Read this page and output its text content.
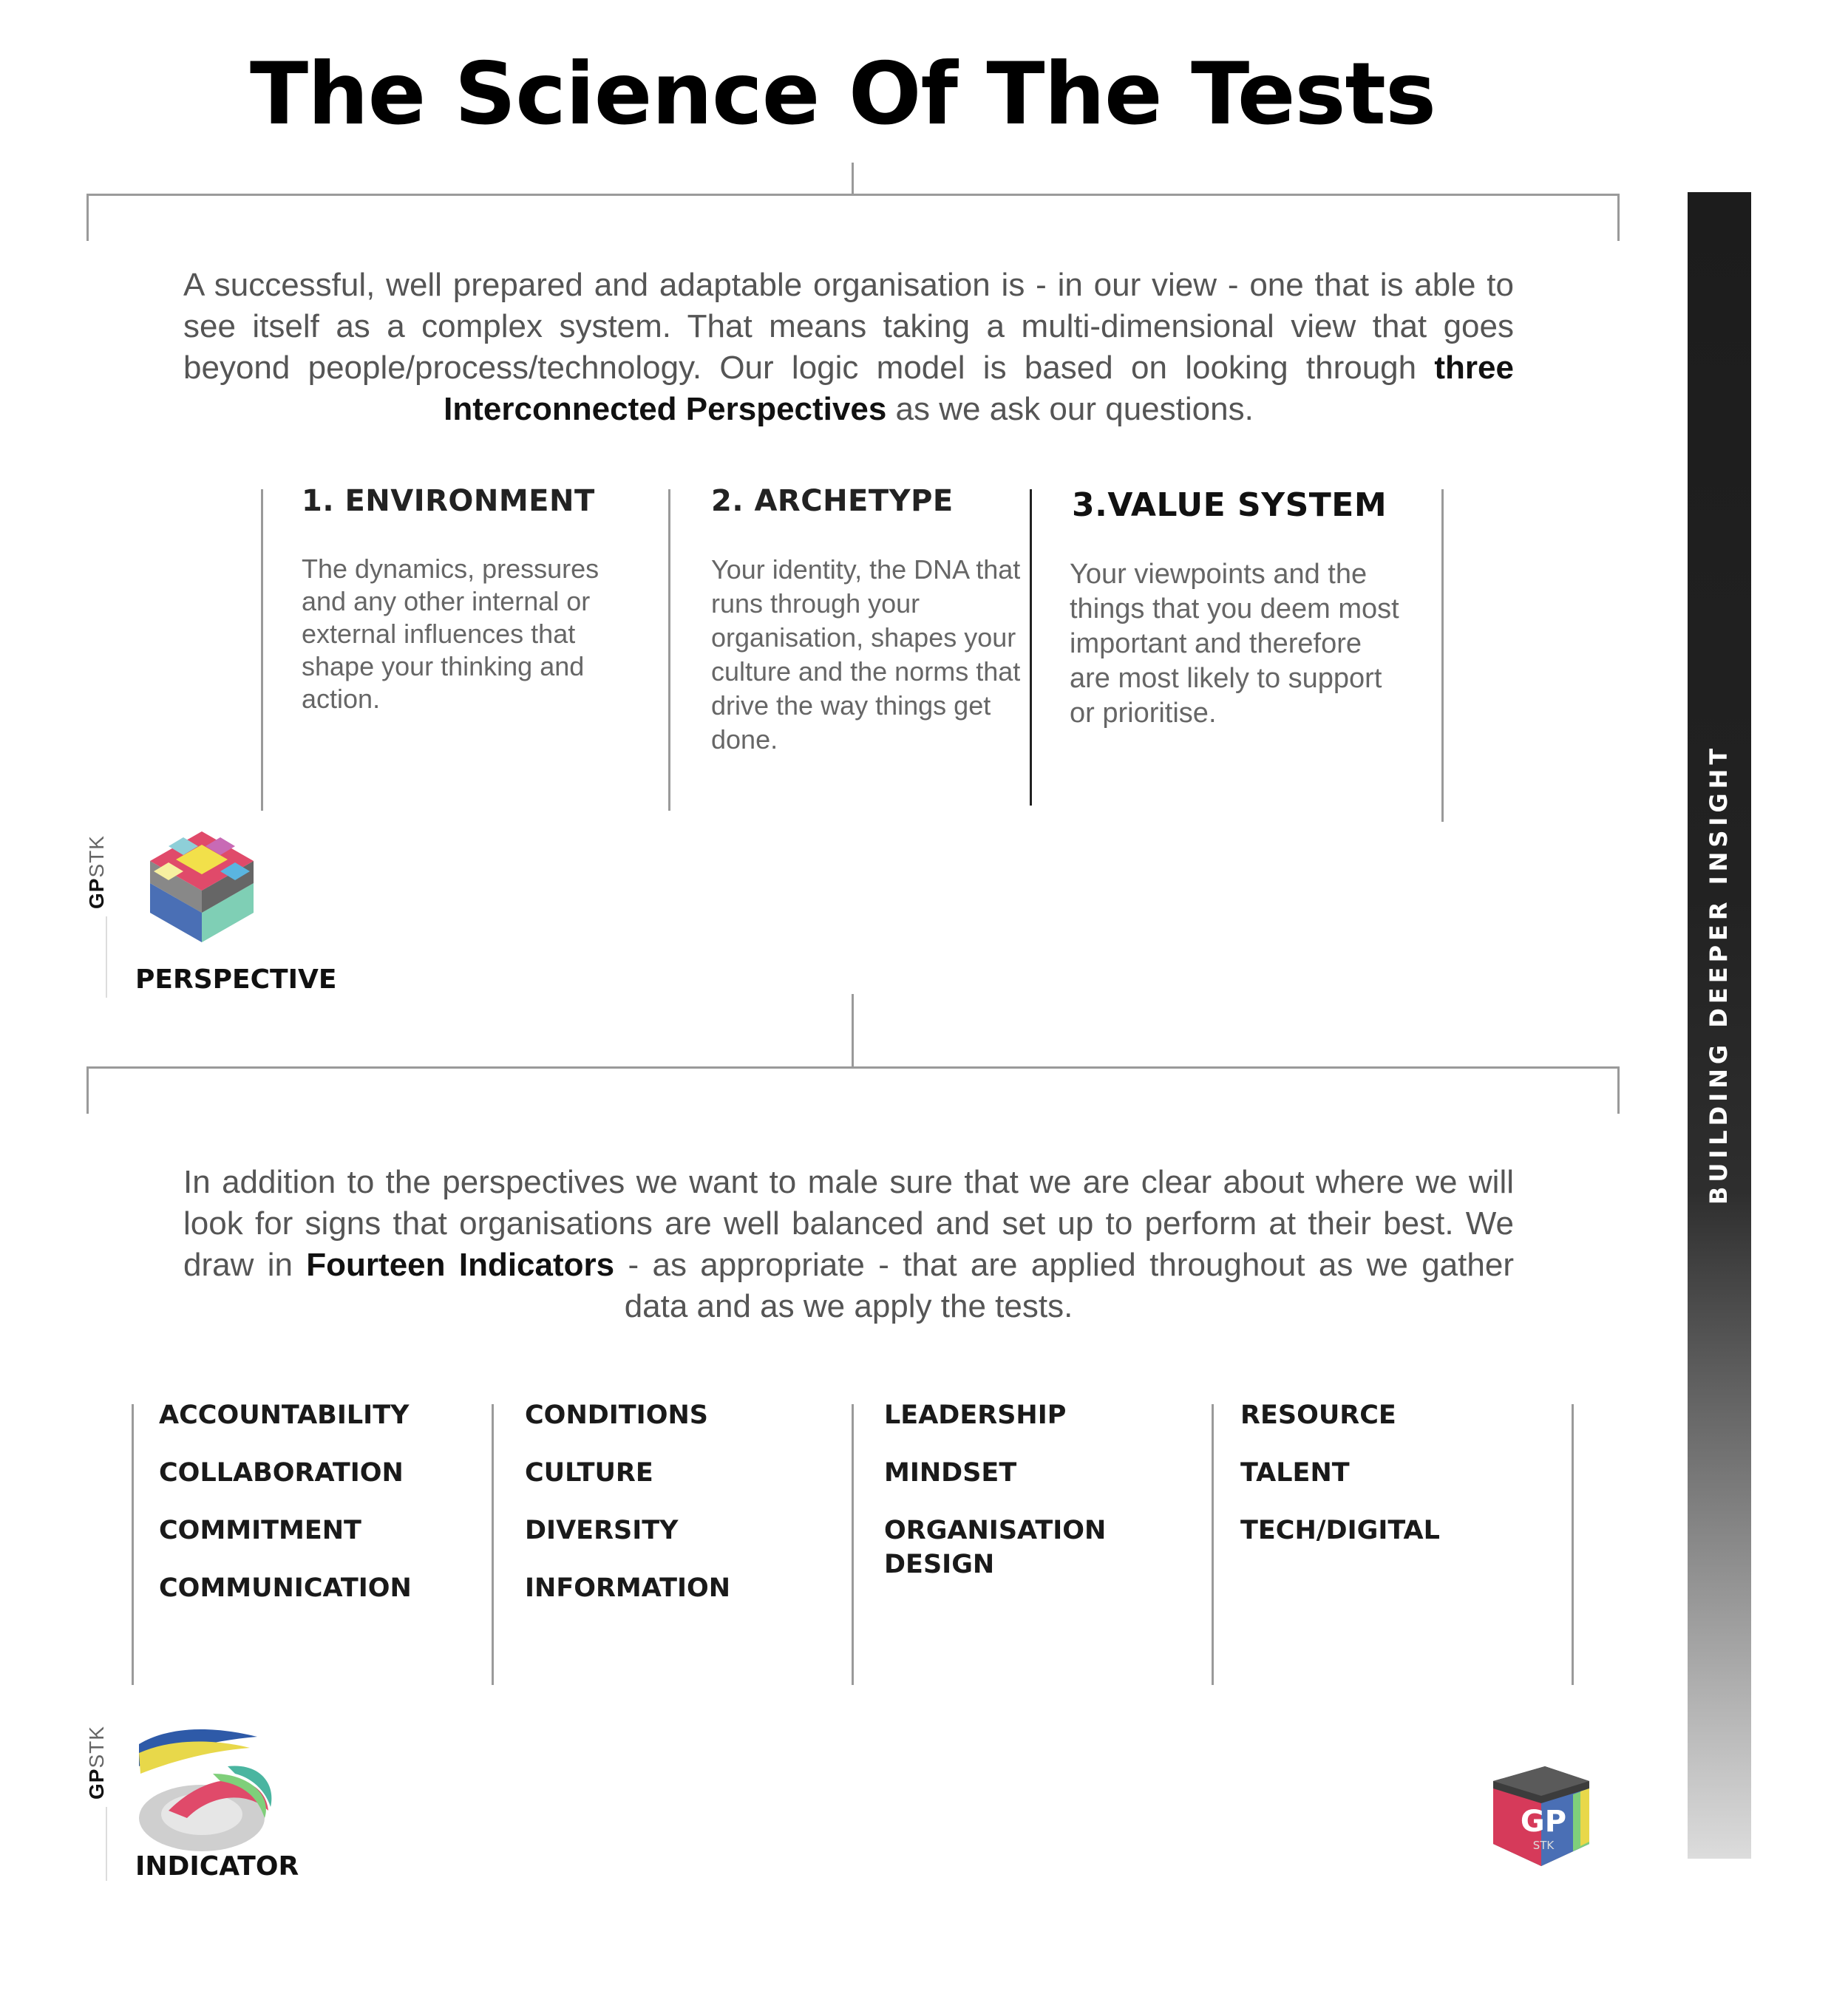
The Science Of The Tests

A successful, well prepared and adaptable organisation is - in our view - one that is able to see itself as a complex system. That means taking a multi-dimensional view that goes beyond people/process/technology. Our logic model is based on looking through three Interconnected Perspectives as we ask our questions.

1. ENVIRONMENT
The dynamics, pressures and any other internal or external influences that shape your thinking and action.
2. ARCHETYPE
Your identity, the DNA that runs through your organisation, shapes your culture and the norms that drive the way things get done.
3.VALUE SYSTEM
Your viewpoints and the things that you deem most important and therefore are most likely to support or prioritise.
GPSTK
PERSPECTIVE

In addition to the perspectives we want to male sure that we are clear about where we will look for signs that organisations are well balanced and set up to perform at their best. We draw in Fourteen Indicators - as appropriate - that are applied throughout as we gather data and as we apply the tests.

ACCOUNTABILITY
COLLABORATION
COMMITMENT
COMMUNICATION
CONDITIONS
CULTURE
DIVERSITY
INFORMATION
LEADERSHIP
MINDSET
ORGANISATION DESIGN
RESOURCE
TALENT
TECH/DIGITAL
GPSTK
INDICATOR
GP
STK
BUILDING DEEPER INSIGHT
